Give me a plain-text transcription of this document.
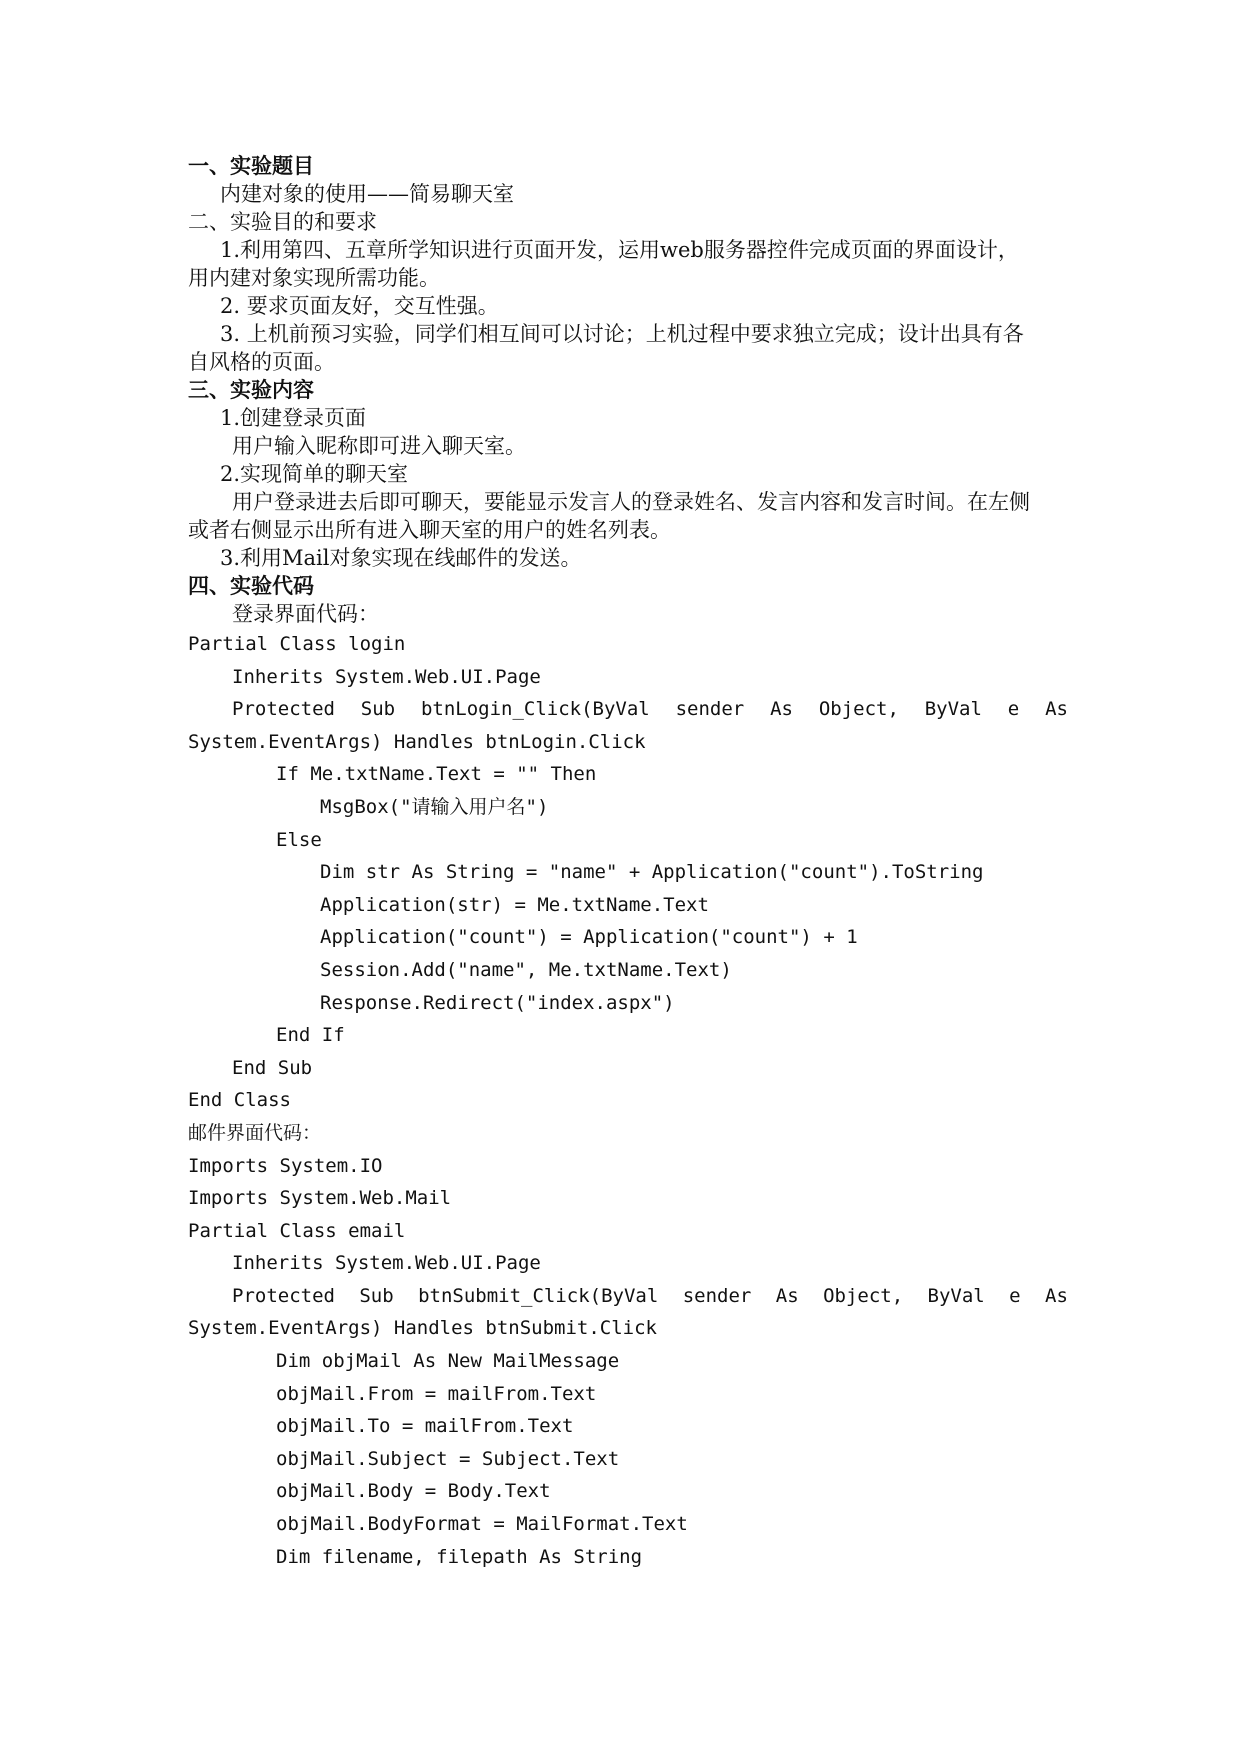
一、实验题目
内建对象的使用——简易聊天室
二、实验目的和要求
1.利用第四、五章所学知识进行页面开发，运用web服务器控件完成页面的界面设计，
用内建对象实现所需功能。
2. 要求页面友好，交互性强。
3. 上机前预习实验，同学们相互间可以讨论；上机过程中要求独立完成；设计出具有各
自风格的页面。
三、实验内容
1.创建登录页面
用户输入昵称即可进入聊天室。
2.实现简单的聊天室
用户登录进去后即可聊天，要能显示发言人的登录姓名、发言内容和发言时间。在左侧
或者右侧显示出所有进入聊天室的用户的姓名列表。
3.利用Mail对象实现在线邮件的发送。
四、实验代码
登录界面代码：
Partial Class login
Inherits System.Web.UI.Page
Protected Sub btnLogin_Click(ByVal sender As Object, ByVal e As
System.EventArgs) Handles btnLogin.Click
If Me.txtName.Text = "" Then
MsgBox("请输入用户名")
Else
Dim str As String = "name" + Application("count").ToString
Application(str) = Me.txtName.Text
Application("count") = Application("count") + 1
Session.Add("name", Me.txtName.Text)
Response.Redirect("index.aspx")
End If
End Sub
End Class
邮件界面代码：
Imports System.IO
Imports System.Web.Mail
Partial Class email
Inherits System.Web.UI.Page
Protected Sub btnSubmit_Click(ByVal sender As Object, ByVal e As
System.EventArgs) Handles btnSubmit.Click
Dim objMail As New MailMessage
objMail.From = mailFrom.Text
objMail.To = mailFrom.Text
objMail.Subject = Subject.Text
objMail.Body = Body.Text
objMail.BodyFormat = MailFormat.Text
Dim filename, filepath As String
